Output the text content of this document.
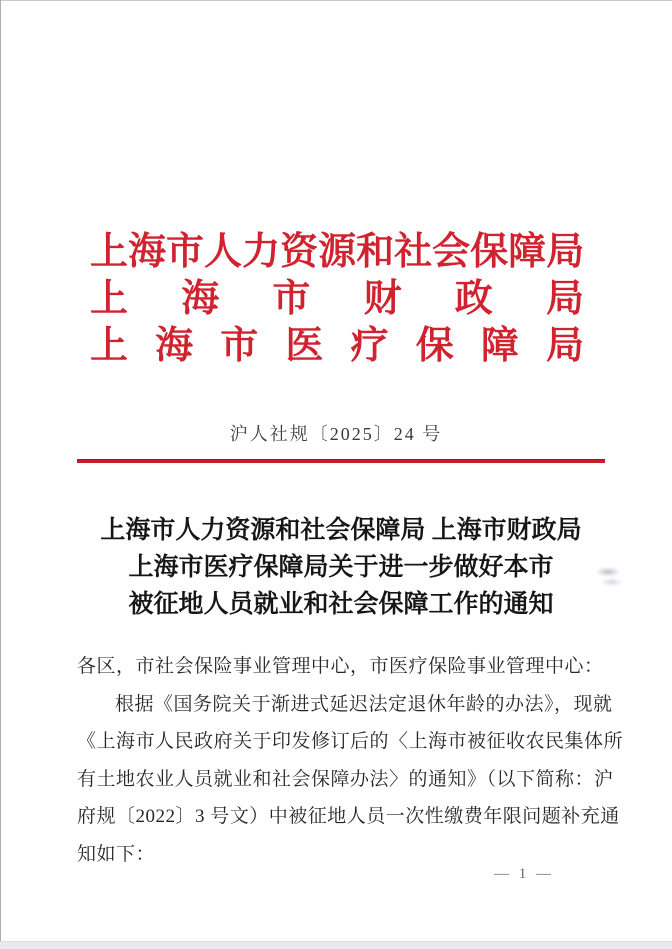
上 海 市 人 力 资 源 和 社 会 保 障 局
上 海 市 财 政 局
上 海 市 医 疗 保 障 局
沪人社规〔2025〕24 号
上海市人力资源和社会保障局 上海市财政局
上海市医疗保障局关于进一步做好本市
被征地人员就业和社会保障工作的通知
各区，市社会保险事业管理中心，市医疗保险事业管理中心：
根据《国务院关于渐进式延迟法定退休年龄的办法》，现就
《上海市人民政府关于印发修订后的〈上海市被征收农民集体所
有土地农业人员就业和社会保障办法〉的通知》（以下简称：沪
府规〔2022〕3 号文）中被征地人员一次性缴费年限问题补充通
知如下：
— 1 —
